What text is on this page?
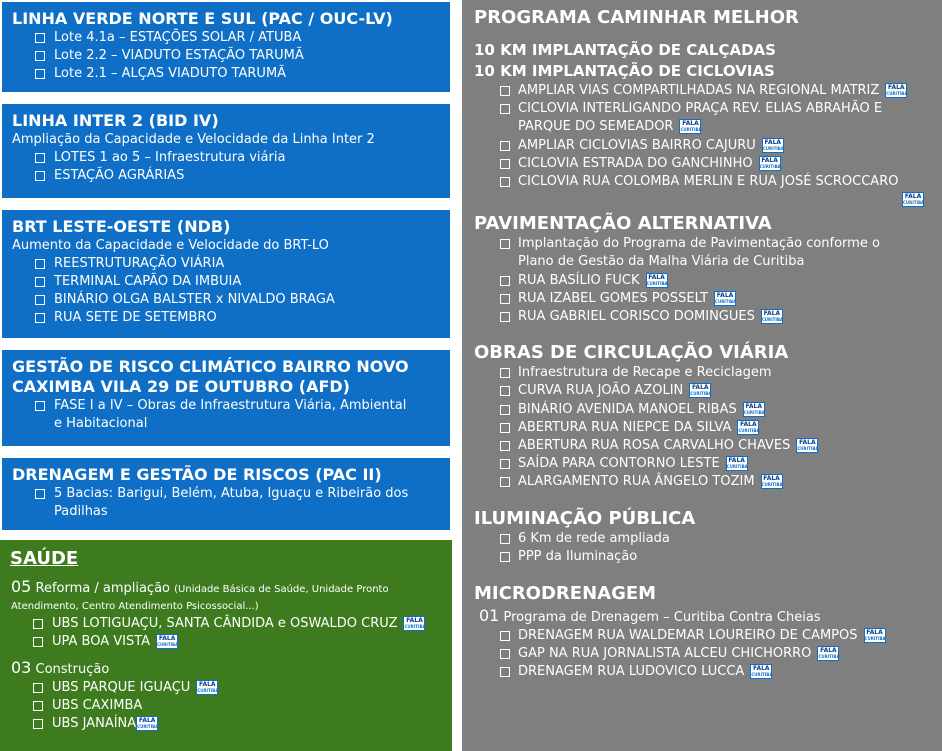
LINHA VERDE NORTE E SUL (PAC / OUC-LV)
Lote 4.1a – ESTAÇÕES SOLAR / ATUBA
Lote 2.2 – VIADUTO ESTAÇÃO TARUMÃ
Lote 2.1 – ALÇAS VIADUTO TARUMÃ
LINHA INTER 2 (BID IV)
Ampliação da Capacidade e Velocidade da Linha Inter 2
LOTES 1 ao 5 – Infraestrutura viária
ESTAÇÃO AGRÁRIAS
BRT LESTE-OESTE (NDB)
Aumento da Capacidade e Velocidade do BRT-LO
REESTRUTURAÇÃO VIÁRIA
TERMINAL CAPÃO DA IMBUIA
BINÁRIO OLGA BALSTER x NIVALDO BRAGA
RUA SETE DE SETEMBRO
GESTÃO DE RISCO CLIMÁTICO BAIRRO NOVO
CAXIMBA VILA 29 DE OUTUBRO (AFD)
FASE I a IV – Obras de Infraestrutura Viária, Ambiental
e Habitacional
DRENAGEM E GESTÃO DE RISCOS (PAC II)
5 Bacias: Barigui, Belém, Atuba, Iguaçu e Ribeirão dos
Padilhas
SAÚDE
05 Reforma / ampliação (Unidade Básica de Saúde, Unidade Pronto
Atendimento, Centro Atendimento Psicossocial...)
UBS LOTIGUAÇU, SANTA CÂNDIDA e OSWALDO CRUZ FALA
CURITIBA
UPA BOA VISTA FALA
CURITIBA
03 Construção
UBS PARQUE IGUAÇU FALA
CURITIBA
UBS CAXIMBA
UBS JANAÍNA FALA
CURITIBA
PROGRAMA CAMINHAR MELHOR
10 KM IMPLANTAÇÃO DE CALÇADAS
10 KM IMPLANTAÇÃO DE CICLOVIAS
AMPLIAR VIAS COMPARTILHADAS NA REGIONAL MATRIZ FALA
CURITIBA
CICLOVIA INTERLIGANDO PRAÇA REV. ELIAS ABRAHÃO E
PARQUE DO SEMEADOR FALA
CURITIBA
AMPLIAR CICLOVIAS BAIRRO CAJURU FALA
CURITIBA
CICLOVIA ESTRADA DO GANCHINHO FALA
CURITIBA
CICLOVIA RUA COLOMBA MERLIN E RUA JOSÉ SCROCCARO
FALA
CURITIBA
PAVIMENTAÇÃO ALTERNATIVA
Implantação do Programa de Pavimentação conforme o
Plano de Gestão da Malha Viária de Curitiba
RUA BASÍLIO FUCK FALA
CURITIBA
RUA IZABEL GOMES POSSELT FALA
CURITIBA
RUA GABRIEL CORISCO DOMINGUES FALA
CURITIBA
OBRAS DE CIRCULAÇÃO VIÁRIA
Infraestrutura de Recape e Reciclagem
CURVA RUA JOÃO AZOLIN FALA
CURITIBA
BINÁRIO AVENIDA MANOEL RIBAS FALA
CURITIBA
ABERTURA RUA NIEPCE DA SILVA FALA
CURITIBA
ABERTURA RUA ROSA CARVALHO CHAVES FALA
CURITIBA
SAÍDA PARA CONTORNO LESTE FALA
CURITIBA
ALARGAMENTO RUA ÂNGELO TOZIM FALA
CURITIBA
ILUMINAÇÃO PÚBLICA
6 Km de rede ampliada
PPP da Iluminação
MICRODRENAGEM
01 Programa de Drenagem – Curitiba Contra Cheias
DRENAGEM RUA WALDEMAR LOUREIRO DE CAMPOS FALA
CURITIBA
GAP NA RUA JORNALISTA ALCEU CHICHORRO FALA
CURITIBA
DRENAGEM RUA LUDOVICO LUCCA FALA
CURITIBA
